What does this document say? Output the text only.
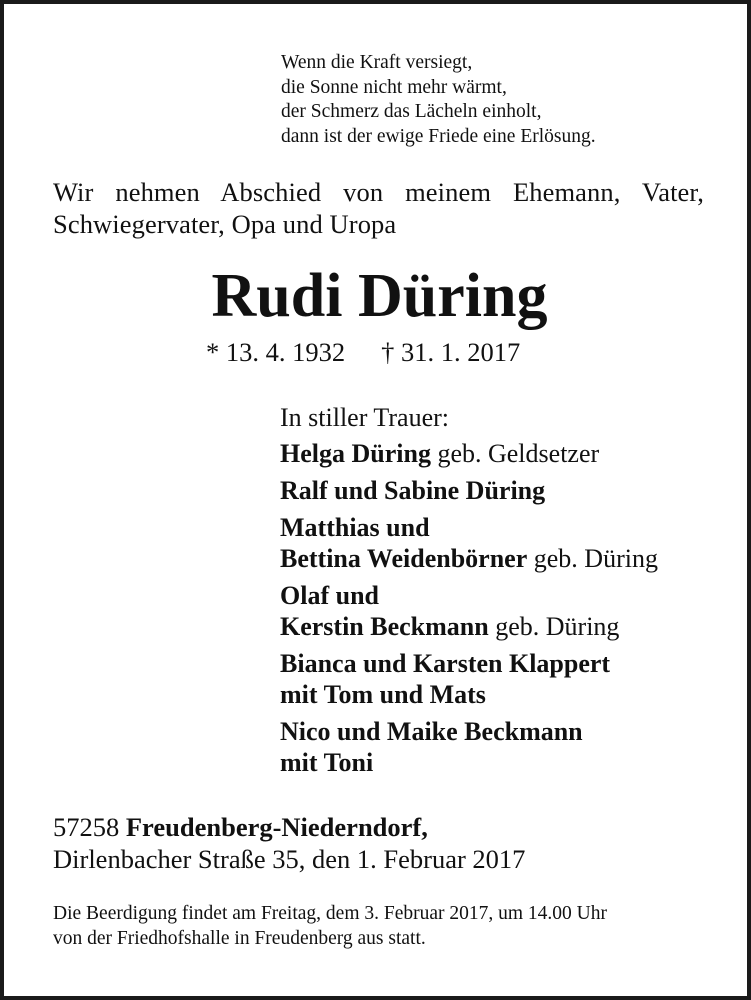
Wenn die Kraft versiegt,
die Sonne nicht mehr wärmt,
der Schmerz das Lächeln einholt,
dann ist der ewige Friede eine Erlösung.
Wir nehmen Abschied von meinem Ehemann, Vater,
Schwiegervater, Opa und Uropa
Rudi Düring
* 13. 4. 1932 † 31. 1. 2017
In stiller Trauer:
Helga Düring geb. Geldsetzer
Ralf und Sabine Düring
Matthias und
Bettina Weidenbörner geb. Düring
Olaf und
Kerstin Beckmann geb. Düring
Bianca und Karsten Klappert
mit Tom und Mats
Nico und Maike Beckmann
mit Toni
57258 Freudenberg-Niederndorf,
Dirlenbacher Straße 35, den 1. Februar 2017
Die Beerdigung findet am Freitag, dem 3. Februar 2017, um 14.00 Uhr
von der Friedhofshalle in Freudenberg aus statt.
